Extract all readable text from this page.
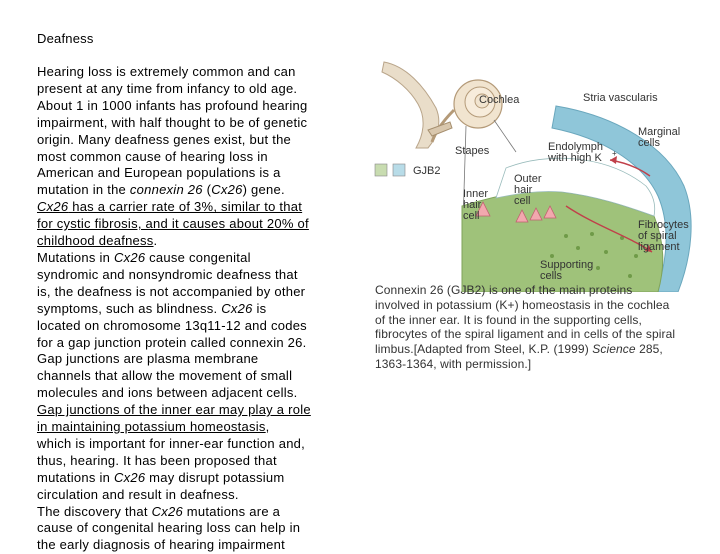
Deafness
Hearing loss is extremely common and can
present at any time from infancy to old age.
About 1 in 1000 infants has profound hearing
impairment, with half thought to be of genetic
origin. Many deafness genes exist, but the
most common cause of hearing loss in
American and European populations is a
mutation in the connexin 26 (Cx26) gene.
Cx26 has a carrier rate of 3%, similar to that
for cystic fibrosis, and it causes about 20% of
childhood deafness.
Mutations in Cx26 cause congenital
syndromic and nonsyndromic deafness that
is, the deafness is not accompanied by other
symptoms, such as blindness. Cx26 is
located on chromosome 13q11-12 and codes
for a gap junction protein called connexin 26.
Gap junctions are plasma membrane
channels that allow the movement of small
molecules and ions between adjacent cells.
Gap junctions of the inner ear may play a role
in maintaining potassium homeostasis,
which is important for inner-ear function and,
thus, hearing. It has been proposed that
mutations in Cx26 may disrupt potassium
circulation and result in deafness.
The discovery that Cx26 mutations are a
cause of congenital hearing loss can help in
the early diagnosis of hearing impairment
Cochlea	Stria vascularis
GJB2
Stapes	Endolymph
with high K +
Marginal
cells
Outer
hair
cell
Inner
hair
cell
Fibrocytes
of spiral
ligament
Supporting
cells
Connexin 26 (GJB2) is one of the main proteins
involved in potassium (K+) homeostasis in the cochlea
of the inner ear. It is found in the supporting cells,
fibrocytes of the spiral ligament and in cells of the spiral
limbus.[Adapted from Steel, K.P. (1999) Science 285,
1363-1364, with permission.]
